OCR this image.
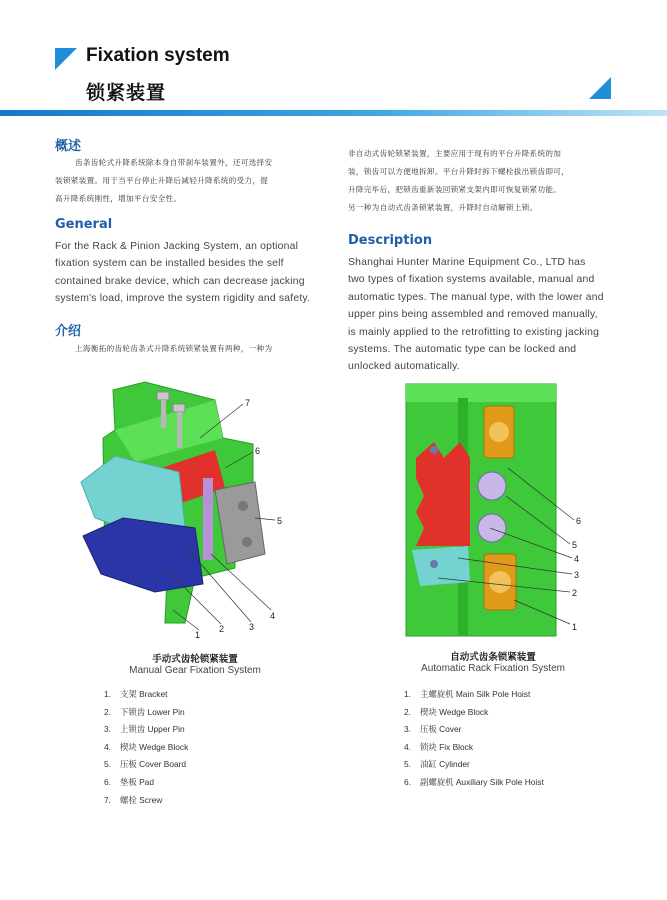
Fixation system
锁紧装置
概述
齿条齿轮式升降系统除本身自带刹车装置外，还可选择安
装锁紧装置。用于当平台停止升降后减轻升降系统的受力，提
高升降系统刚性，增加平台安全性。
General
For the Rack & Pinion Jacking System, an optional
fixation system can be installed besides the self
contained brake device, which can decrease jacking
system's load, improve the system rigidity and safety.
介绍
上海衡拓的齿轮齿条式升降系统锁紧装置有两种，一种为
非自动式齿轮锁紧装置，主要应用于现有的平台升降系统的加
装，锁齿可以方便地拆卸。平台升降时拆下螺栓拔出锁齿即可，
升降完毕后，把锁齿重新装回锁紧支架内即可恢复锁紧功能。
另一种为自动式齿条锁紧装置，升降时自动解锁上锁。
Description
Shanghai Hunter Marine Equipment Co., LTD has
two types of fixation systems available, manual and
automatic types. The manual type, with the lower and
upper pins being assembled and removed manually,
is mainly applied to the retrofitting to existing jacking
systems. The automatic type can be locked and
unlocked automatically.
7
6
5
4
3
2
1
6
5
4
3
2
1
手动式齿轮锁紧装置
Manual Gear Fixation System
自动式齿条锁紧装置
Automatic Rack Fixation System
1. 支架 Bracket
2. 下锁齿 Lower Pin
3. 上锁齿 Upper Pin
4. 楔块 Wedge Block
5. 压板 Cover Board
6. 垫板 Pad
7. 螺栓 Screw
1. 主螺旋机 Main Silk Pole Hoist
2. 楔块 Wedge Block
3. 压板 Cover
4. 锁块 Fix Block
5. 油缸 Cylinder
6. 副螺旋机 Auxiliary Silk Pole Hoist
